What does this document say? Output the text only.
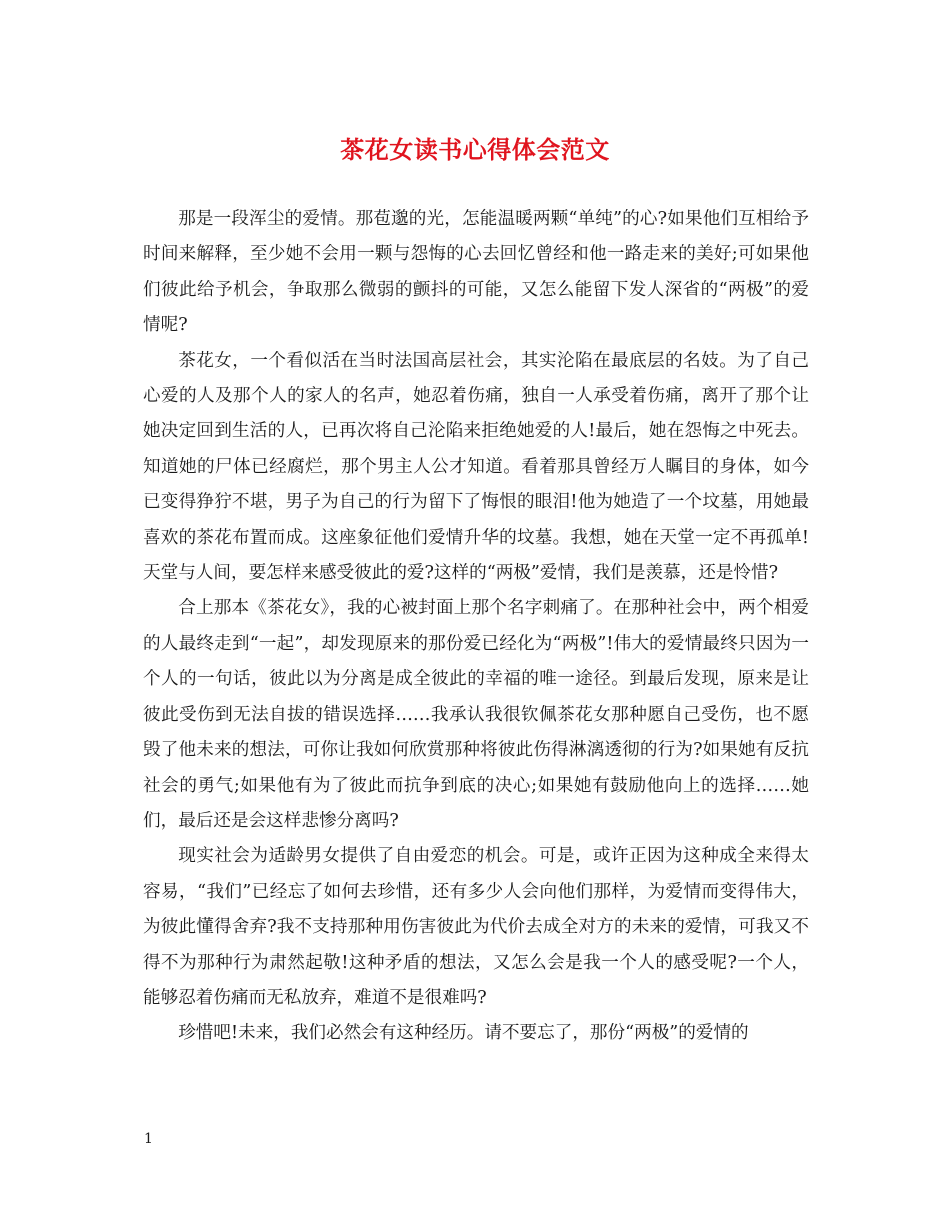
茶花女读书心得体会范文

那是一段浑尘的爱情。那苞邈的光，怎能温暖两颗“单纯”的心?如果他们互相给予时间来解释，至少她不会用一颗与怨悔的心去回忆曾经和他一路走来的美好;可如果他们彼此给予机会，争取那么微弱的颤抖的可能，又怎么能留下发人深省的“两极”的爱情呢?

茶花女，一个看似活在当时法国高层社会，其实沦陷在最底层的名妓。为了自己心爱的人及那个人的家人的名声，她忍着伤痛，独自一人承受着伤痛，离开了那个让她决定回到生活的人，已再次将自己沦陷来拒绝她爱的人!最后，她在怨悔之中死去。知道她的尸体已经腐烂，那个男主人公才知道。看着那具曾经万人瞩目的身体，如今已变得狰狞不堪，男子为自己的行为留下了悔恨的眼泪!他为她造了一个坟墓，用她最喜欢的茶花布置而成。这座象征他们爱情升华的坟墓。我想，她在天堂一定不再孤单!天堂与人间，要怎样来感受彼此的爱?这样的“两极”爱情，我们是羡慕，还是怜惜?

合上那本《茶花女》，我的心被封面上那个名字刺痛了。在那种社会中，两个相爱的人最终走到“一起”，却发现原来的那份爱已经化为“两极”!伟大的爱情最终只因为一个人的一句话，彼此以为分离是成全彼此的幸福的唯一途径。到最后发现，原来是让彼此受伤到无法自拔的错误选择……我承认我很钦佩茶花女那种愿自己受伤，也不愿毁了他未来的想法，可你让我如何欣赏那种将彼此伤得淋漓透彻的行为?如果她有反抗社会的勇气;如果他有为了彼此而抗争到底的决心;如果她有鼓励他向上的选择……她们，最后还是会这样悲惨分离吗?

现实社会为适龄男女提供了自由爱恋的机会。可是，或许正因为这种成全来得太容易，“我们”已经忘了如何去珍惜，还有多少人会向他们那样，为爱情而变得伟大，为彼此懂得舍弃?我不支持那种用伤害彼此为代价去成全对方的未来的爱情，可我又不得不为那种行为肃然起敬!这种矛盾的想法，又怎么会是我一个人的感受呢?一个人，能够忍着伤痛而无私放弃，难道不是很难吗?

珍惜吧!未来，我们必然会有这种经历。请不要忘了，那份“两极”的爱情的

1
